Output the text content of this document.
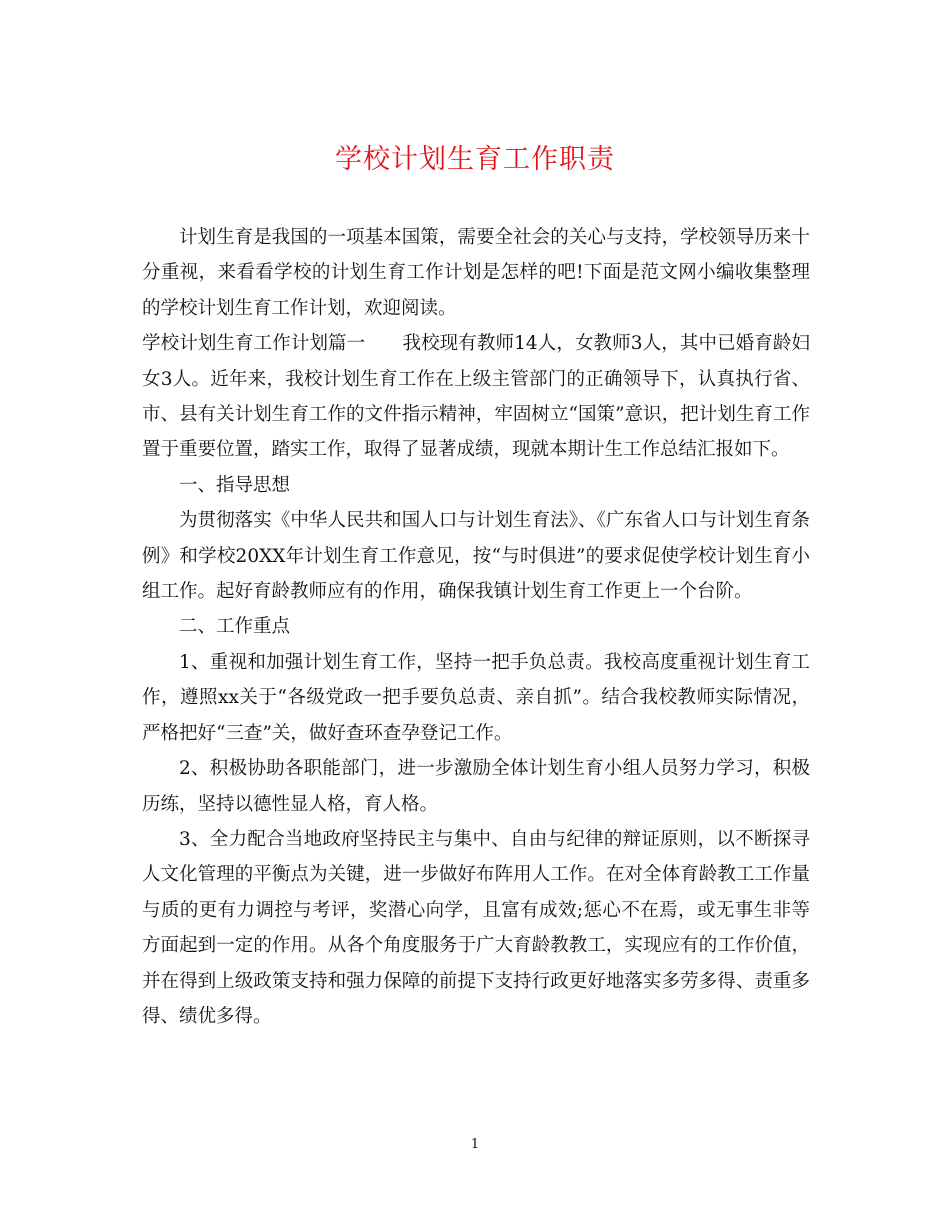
学校计划生育工作职责

计划生育是我国的一项基本国策，需要全社会的关心与支持，学校领导历来十分重视，来看看学校的计划生育工作计划是怎样的吧!下面是范文网小编收集整理的学校计划生育工作计划，欢迎阅读。

学校计划生育工作计划篇一　　我校现有教师14人，女教师3人，其中已婚育龄妇女3人。近年来，我校计划生育工作在上级主管部门的正确领导下，认真执行省、市、县有关计划生育工作的文件指示精神，牢固树立“国策”意识，把计划生育工作置于重要位置，踏实工作，取得了显著成绩，现就本期计生工作总结汇报如下。

一、指导思想

为贯彻落实《中华人民共和国人口与计划生育法》、《广东省人口与计划生育条例》和学校20XX年计划生育工作意见，按“与时俱进”的要求促使学校计划生育小组工作。起好育龄教师应有的作用，确保我镇计划生育工作更上一个台阶。

二、工作重点

1、重视和加强计划生育工作，坚持一把手负总责。我校高度重视计划生育工作，遵照xx关于“各级党政一把手要负总责、亲自抓”。结合我校教师实际情况，严格把好“三查”关，做好查环查孕登记工作。

2、积极协助各职能部门，进一步激励全体计划生育小组人员努力学习，积极历练，坚持以德性显人格，育人格。

3、全力配合当地政府坚持民主与集中、自由与纪律的辩证原则，以不断探寻人文化管理的平衡点为关键，进一步做好布阵用人工作。在对全体育龄教工工作量与质的更有力调控与考评，奖潜心向学，且富有成效;惩心不在焉，或无事生非等方面起到一定的作用。从各个角度服务于广大育龄教教工，实现应有的工作价值，并在得到上级政策支持和强力保障的前提下支持行政更好地落实多劳多得、责重多得、绩优多得。

1
